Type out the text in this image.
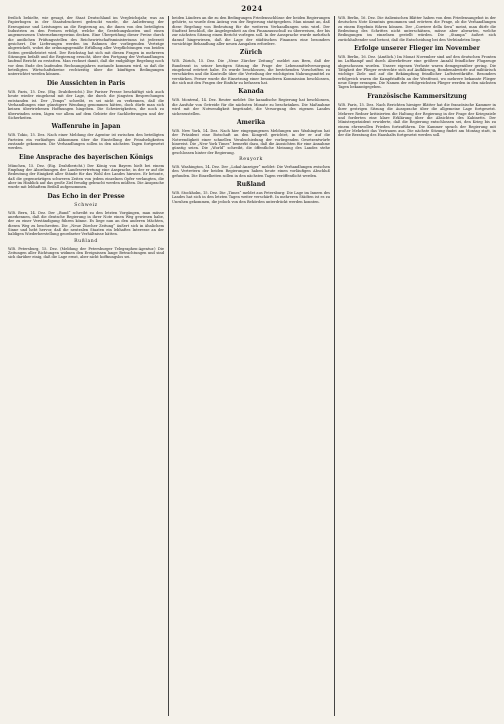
2024
freilich behielte, wie gesagt, der Staat Deutschland im Vergleichsjahr, was an Papierbogen in der Staatsdruckerei gedruckt wurde, die Anlieferung der Erzeugnisse und Leistungen an die Regierung an, die ihnen von den beteiligten Industrien zu den Preisen erfolgt, welche die Gestehungskosten und einen angemessenen Unternehmergewinn decken. Eine Überprüfung dieser Preise durch die amtlichen Prüfungsstellen des Reichswirtschaftsministeriums ist jederzeit gesichert. Die Lieferungen werden im Rahmen der vorliegenden Verträge abgewickelt, wobei die ordnungsgemäße Erfüllung aller Verpflichtungen von beiden Seiten gewährleistet wird. Der Reichstag hat sich mit diesen Fragen in mehreren Sitzungen befaßt und die Regierung ersucht, über den Fortgang der Verhandlungen laufend Bericht zu erstatten. Man rechnet damit, daß die endgültige Regelung noch vor dem Ende des laufenden Rechnungsjahres zustande kommen wird, so daß die beteiligten Wirtschaftskreise rechtzeitig über die künftigen Bedingungen unterrichtet werden können.
Die Aussichten in Paris
W.B. Paris, 15. Dez. (Eig. Drahtbericht.) Die Pariser Presse beschäftigt sich auch heute wieder eingehend mit der Lage, die durch die jüngsten Besprechungen entstanden ist. Der „Temps“ schreibt, es sei nicht zu verkennen, daß die Verhandlungen eine günstigere Wendung genommen hätten, doch dürfe man sich keinen übertriebenen Hoffnungen hingeben. Die Schwierigkeiten, die noch zu überwinden seien, lägen vor allem auf dem Gebiete der Sachlieferungen und der Sicherheiten.
Waffenruhe in Japan
W.B. Tokio, 15. Dez. Nach einer Meldung der Agentur ist zwischen den beteiligten Parteien ein vorläufiges Abkommen über die Einstellung der Feindseligkeiten zustande gekommen. Die Verhandlungen sollen in den nächsten Tagen fortgesetzt werden.
Eine Ansprache des bayerischen Königs
München, 15. Dez. (Eig. Drahtbericht.) Der König von Bayern hielt bei einem Empfang der Abordnungen der Landesvertretung eine Ansprache, in der er auf die Bedeutung der Einigkeit aller Stände für das Wohl des Landes hinwies. Er betonte, daß die gegenwärtigen schweren Zeiten von jedem einzelnen Opfer verlangten, die aber im Hinblick auf das große Ziel freudig gebracht werden müßten. Die Ansprache wurde mit lebhaftem Beifall aufgenommen.
Das Echo in der Presse
Schweiz
W.B. Bern, 14. Dez. Der „Bund“ schreibt zu den letzten Vorgängen, man müsse anerkennen, daß die deutsche Regierung in ihrer Note einen Weg gewiesen habe, der zu einer Verständigung führen könne. Es liege nun an den anderen Mächten, diesen Weg zu beschreiten. Die „Neue Zürcher Zeitung“ äußert sich in ähnlichem Sinne und hebt hervor, daß die neutralen Staaten ein lebhaftes Interesse an der baldigen Wiederherstellung geordneter Verhältnisse hätten.
Rußland
W.B. Petersburg, 15. Dez. (Meldung der Petersburger Telegraphen-Agentur.) Die Zeitungen aller Richtungen widmen den Ereignissen lange Betrachtungen und sind sich darüber einig, daß die Lage ernst, aber nicht hoffnungslos sei.
beiden Ländern an die zu den Bedingungen Friedensschlüsse der beiden Regierungen gehörte, so wurde dem Antrag von der Regierung stattgegeben. Man nimmt an, daß diese Regelung von Bedeutung für die weiteren Verhandlungen sein wird. Der Stadtrat beschloß, die Angelegenheit an den Finanzausschuß zu überweisen, der bis zur nächsten Sitzung einen Bericht vorlegen soll. In der Aussprache wurde mehrfach darauf hingewiesen, daß die Lage der städtischen Finanzen eine besonders vorsichtige Behandlung aller neuen Ausgaben erfordere.
Zürich
W.B. Zürich, 15. Dez. Die „Neue Zürcher Zeitung“ meldet aus Bern, daß der Bundesrat in seiner heutigen Sitzung die Frage der Lebensmittelversorgung eingehend erörtert habe. Es wurde beschlossen, die bestehenden Vorschriften zu verschärfen und die Kontrolle über die Verteilung der wichtigsten Nahrungsmittel zu verstärken. Ferner wurde die Einsetzung einer besonderen Kommission beschlossen, die sich mit den Fragen der Einfuhr zu befassen hat.
Kanada
W.B. Montreal, 14. Dez. Reuter meldet: Die kanadische Regierung hat beschlossen, die Ausfuhr von Getreide für die nächsten Monate zu beschränken. Die Maßnahme wird mit der Notwendigkeit begründet, die Versorgung des eigenen Landes sicherzustellen.
Amerika
W.B. New York, 14. Dez. Nach hier eingegangenen Meldungen aus Washington hat der Präsident eine Botschaft an den Kongreß gerichtet, in der er auf die Notwendigkeit einer schnellen Verabschiedung der vorliegenden Gesetzentwürfe hinweist. Die „New York Times“ bemerkt dazu, daß die Aussichten für eine Annahme günstig seien. Die „World“ schreibt, die öffentliche Meinung des Landes stehe geschlossen hinter der Regierung.
Reuyork
W.B. Washington, 14. Dez. Der „Lokal-Anzeiger“ meldet: Die Verhandlungen zwischen den Vertretern der beiden Regierungen haben heute einen vorläufigen Abschluß gefunden. Die Einzelheiten sollen in den nächsten Tagen veröffentlicht werden.
Rußland
W.B. Stockholm, 15. Dez. Die „Times“ meldet aus Petersburg: Die Lage im Innern des Landes hat sich in den letzten Tagen weiter verschärft. In mehreren Städten ist es zu Unruhen gekommen, die jedoch von den Behörden unterdrückt werden konnten.
W.B. Berlin, 16. Dez. Die italienischen Blätter haben von dem Friedensangebot in der deutschen Note Kenntnis genommen und erörtern die Frage, ob die Verhandlungen zu einem Ergebnis führen können. Der „Corriere della Sera“ meint, man dürfe die Bedeutung des Schrittes nicht unterschätzen, müsse aber abwarten, welche Bedingungen im einzelnen gestellt würden. Die „Stampa“ äußert sich zurückhaltender und betont, daß die Entscheidung bei den Verbündeten liege.
Erfolge unserer Flieger im November
W.B. Berlin, 16. Dez. (Amtlich.) Im Monat November sind auf den deutschen Fronten im Luftkampf und durch Abwehrfeuer eine größere Anzahl feindlicher Flugzeuge abgeschossen worden. Unsere eigenen Verluste waren demgegenüber gering. Die Tätigkeit der Flieger erstreckte sich auf Aufklärung, Bombenabwürfe auf militärisch wichtige Ziele und auf die Bekämpfung feindlicher Luftstreitkräfte. Besonders erfolgreich waren die Kampfstaffeln an der Westfront, wo mehrere bekannte Flieger neue Siege errangen. Die Namen der erfolgreichsten Flieger werden in den nächsten Tagen bekanntgegeben.
Französische Kammersitzung
W.B. Paris, 15. Dez. Nach Berichten hiesiger Blätter hat die französische Kammer in ihrer gestrigen Sitzung die Aussprache über die allgemeine Lage fortgesetzt. Mehrere Redner kritisierten die Haltung der Regierung in der Frage der Kriegsziele und forderten eine klare Erklärung über die Absichten des Kabinetts. Der Ministerpräsident erwiderte, daß die Regierung entschlossen sei, den Krieg bis zu einem ehrenvollen Frieden fortzuführen. Die Kammer sprach der Regierung mit großer Mehrheit das Vertrauen aus. Die nächste Sitzung findet am Montag statt, in der die Beratung des Haushalts fortgesetzt werden soll.
